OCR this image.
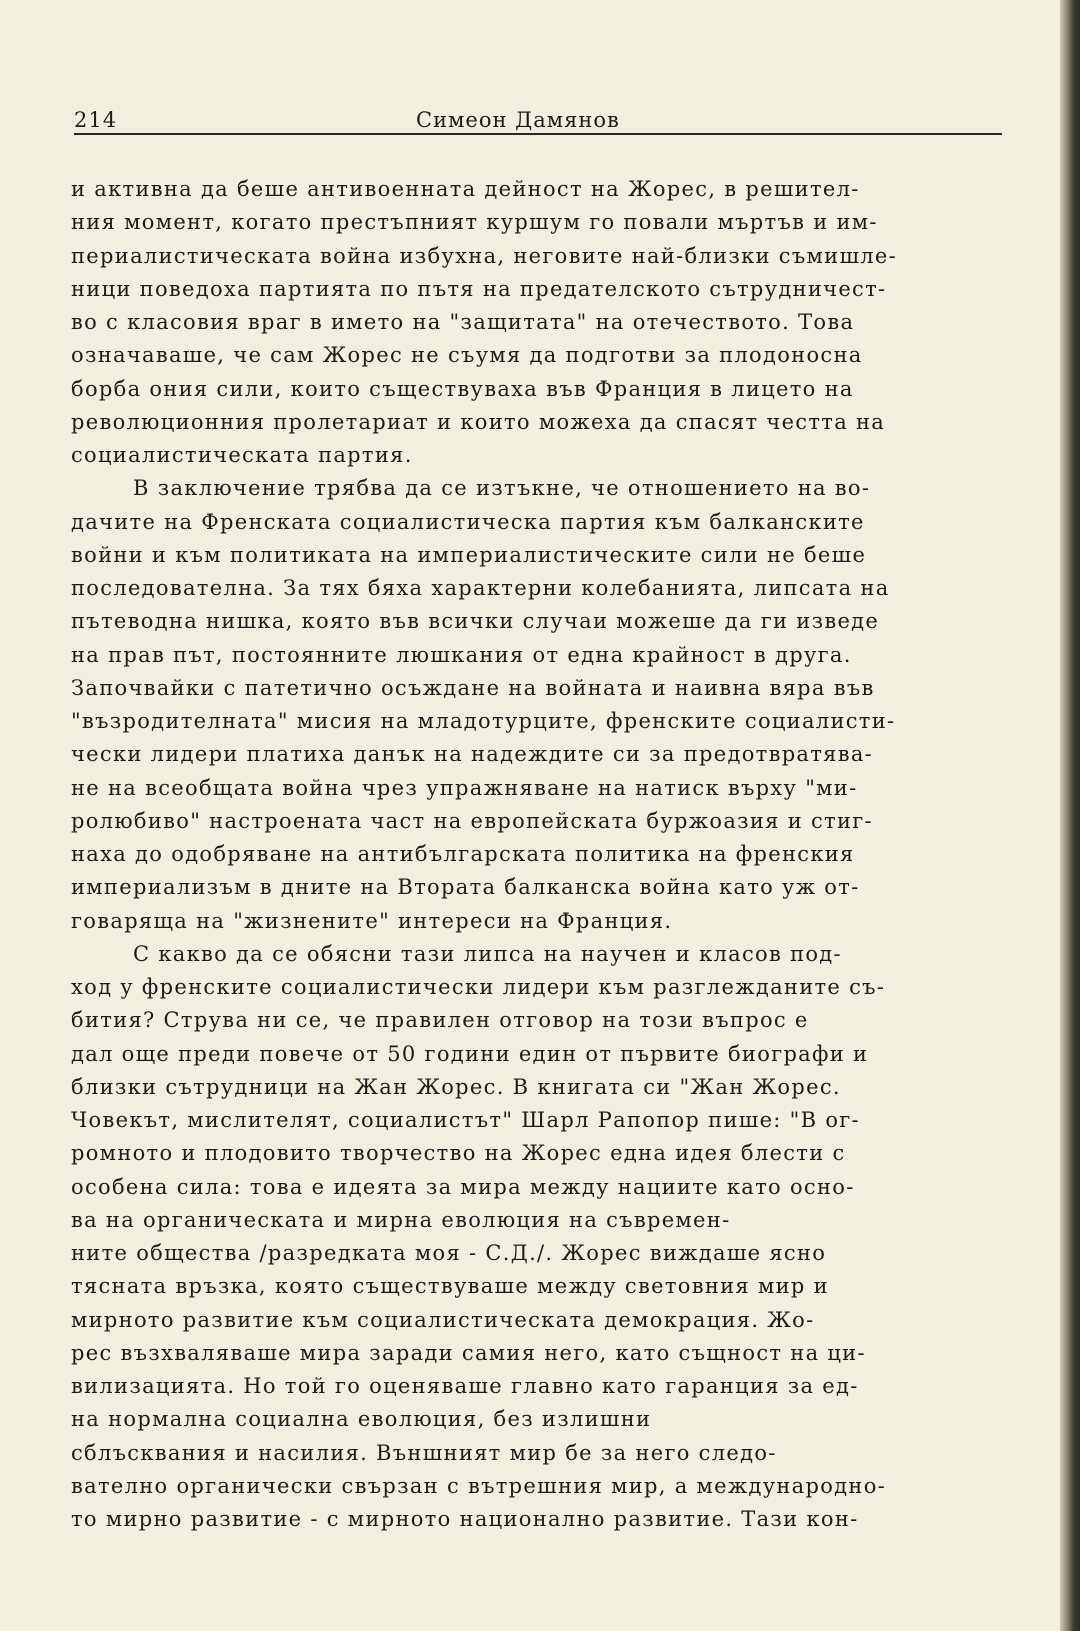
214	Симеон Дамянов
и активна да беше антивоенната дейност на Жорес, в решител-
ния момент, когато престъпният куршум го повали мъртъв и им-
периалистическата война избухна, неговите най-близки съмишле-
ници поведоха партията по пътя на предателското сътрудничест-
во с класовия враг в името на "защитата" на отечеството. Това
означаваше, че сам Жорес не съумя да подготви за плодоносна
борба ония сили, които съществуваха във Франция в лицето на
революционния пролетариат и които можеха да спасят честта на
социалистическата партия.
В заключение трябва да се изтъкне, че отношението на во-
дачите на Френската социалистическа партия към балканските
войни и към политиката на империалистическите сили не беше
последователна. За тях бяха характерни колебанията, липсата на
пътеводна нишка, която във всички случаи можеше да ги изведе
на прав път, постоянните люшкания от една крайност в друга.
Започвайки с патетично осъждане на войната и наивна вяра във
"възродителната" мисия на младотурците, френските социалисти-
чески лидери платиха данък на надеждите си за предотвратява-
не на всеобщата война чрез упражняване на натиск върху "ми-
ролюбиво" настроената част на европейската буржоазия и стиг-
наха до одобряване на антибългарската политика на френския
империализъм в дните на Втората балканска война като уж от-
говаряща на "жизнените" интереси на Франция.
С какво да се обясни тази липса на научен и класов под-
ход у френските социалистически лидери към разглежданите съ-
бития? Струва ни се, че правилен отговор на този въпрос е
дал още преди повече от 50 години един от първите биографи и
близки сътрудници на Жан Жорес. В книгата си "Жан Жорес.
Човекът, мислителят, социалистът" Шарл Рапопор пише: "В ог-
ромното и плодовито творчество на Жорес една идея блести с
особена сила: това е идеята за мира между нациите като осно-
ва на органическата и мирна еволюция на съвремен-
ните общества /разредката моя - С.Д./. Жорес виждаше ясно
тясната връзка, която съществуваше между световния мир и
мирното развитие към социалистическата демокрация. Жо-
рес възхваляваше мира заради самия него, като същност на ци-
вилизацията. Но той го оценяваше главно като гаранция за ед-
на нормална социална еволюция, без излишни
сблъсквания и насилия. Външният мир бе за него следо-
вателно органически свързан с вътрешния мир, а международно-
то мирно развитие - с мирното национално развитие. Тази кон-
